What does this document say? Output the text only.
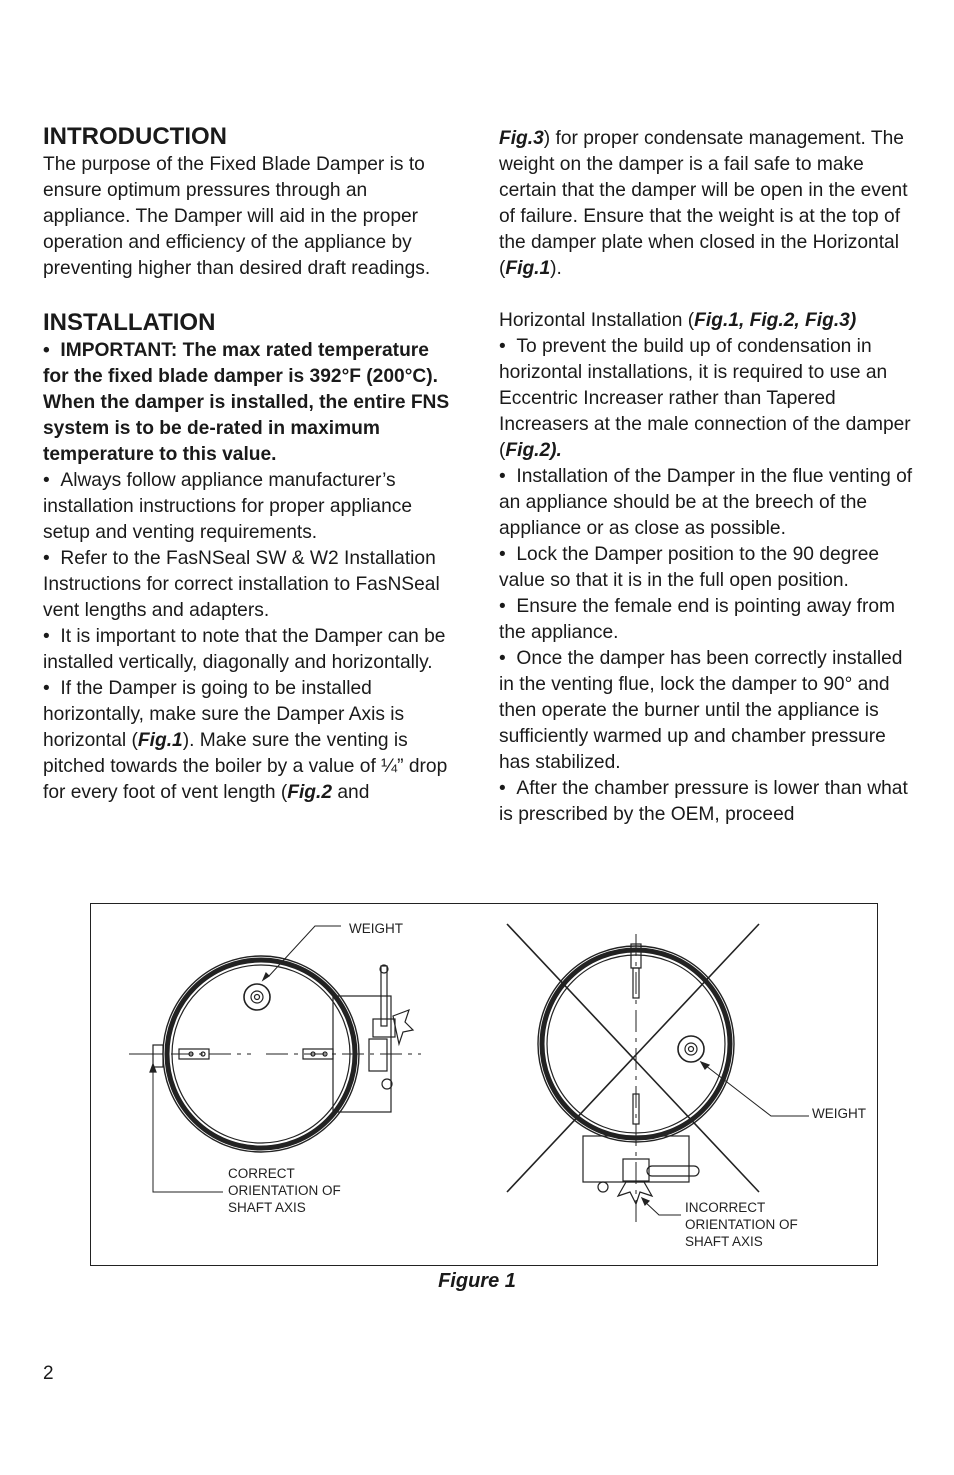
INTRODUCTION

The purpose of the Fixed Blade Damper is to ensure optimum pressures through an appliance. The Damper will aid in the proper operation and efficiency of the appliance by preventing higher than desired draft readings.

INSTALLATION

•  IMPORTANT: The max rated temperature for the fixed blade damper is 392°F (200°C). When the damper is installed, the entire FNS system is to be de-rated in maximum temperature to this value.

•  Always follow appliance manufacturer’s installation instructions for proper appliance setup and venting requirements.

•  Refer to the FasNSeal SW & W2 Installation Instructions for correct installation to FasNSeal vent lengths and adapters.

•  It is important to note that the Damper can be installed vertically, diagonally and horizontally.

•  If the Damper is going to be installed horizontally, make sure the Damper Axis is horizontal (Fig.1). Make sure the venting is pitched towards the boiler by a value of ¼” drop for every foot of vent length (Fig.2 and

Fig.3) for proper condensate management. The weight on the damper is a fail safe to make certain that the damper will be open in the event of failure. Ensure that the weight is at the top of the damper plate when closed in the Horizontal (Fig.1).

Horizontal Installation (Fig.1, Fig.2, Fig.3)

•  To prevent the build up of condensation in horizontal installations, it is required to use an Eccentric Increaser rather than Tapered Increasers at the male connection of the damper (Fig.2).

•  Installation of the Damper in the flue venting of an appliance should be at the breech of the appliance or as close as possible.

•  Lock the Damper position to the 90 degree value so that it is in the full open position.

•  Ensure the female end is pointing away from the appliance.

•  Once the damper has been correctly installed in the venting flue, lock the damper to 90° and then operate the burner until the appliance is sufficiently warmed up and chamber pressure has stabilized.

•  After the chamber pressure is lower than what is prescribed by the OEM, proceed

WEIGHT
CORRECT
ORIENTATION OF
SHAFT AXIS
WEIGHT
INCORRECT
ORIENTATION OF
SHAFT AXIS
Figure 1
2
